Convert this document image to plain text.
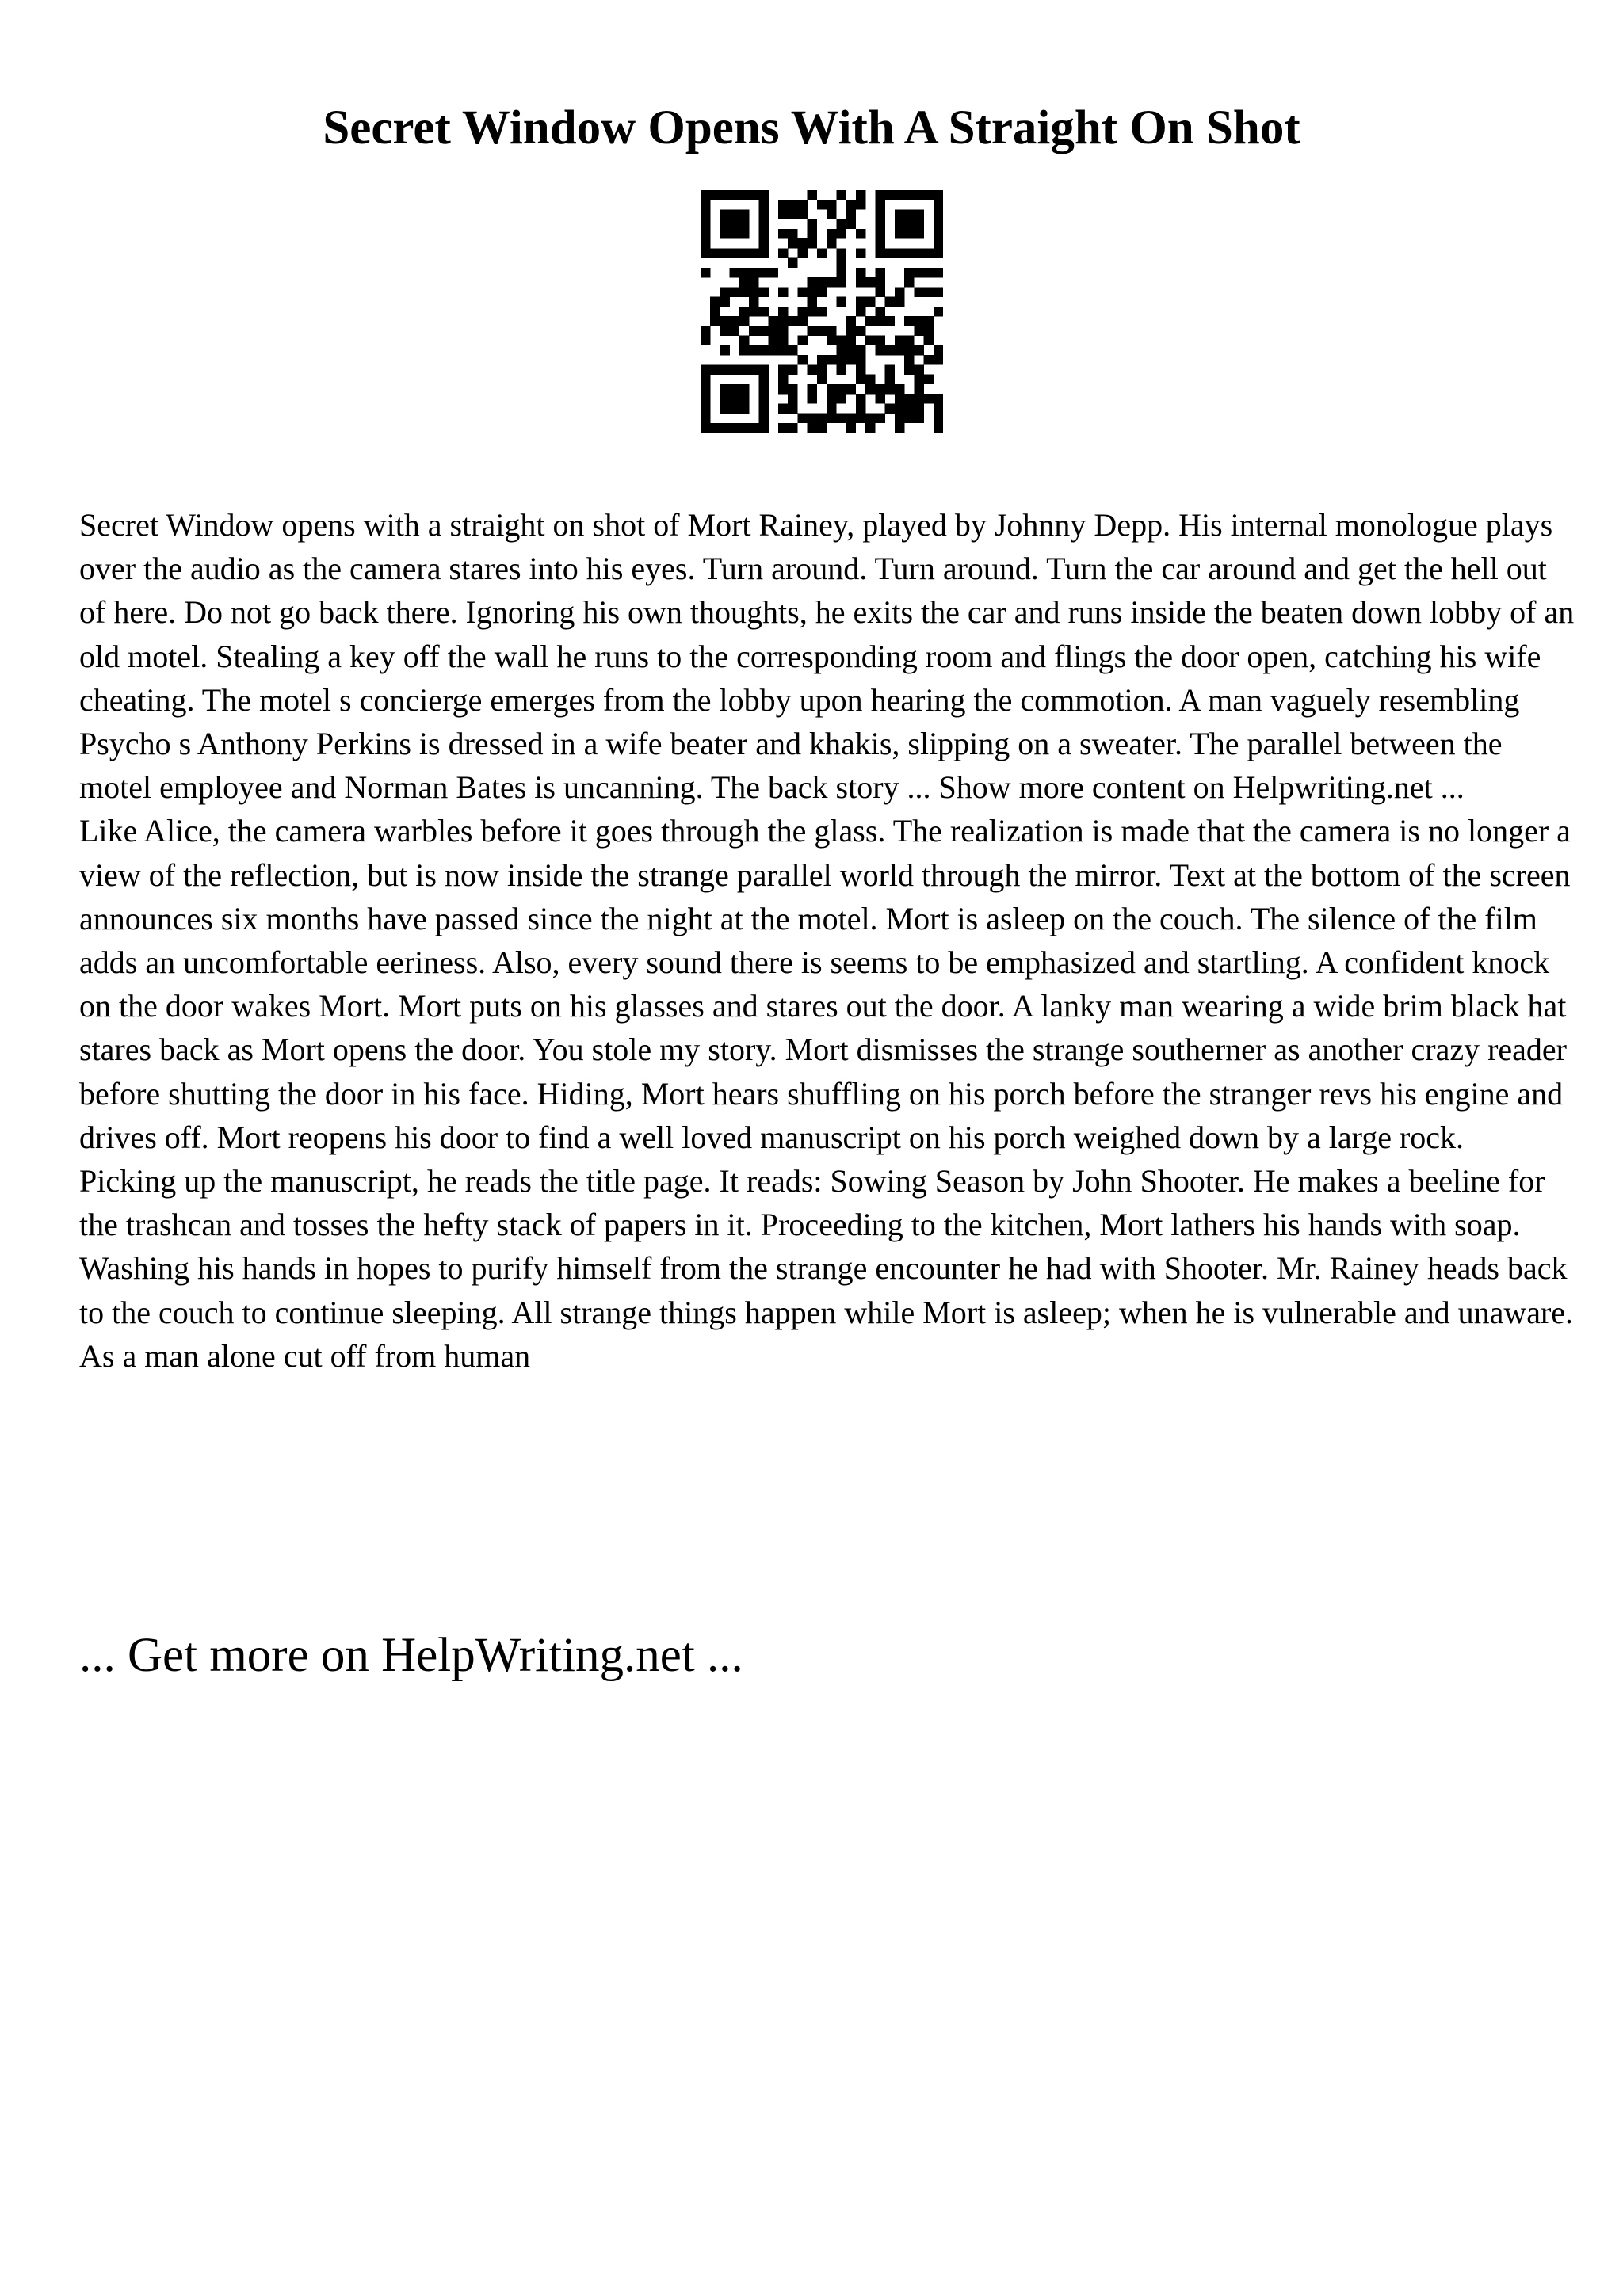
Secret Window Opens With A Straight On Shot

Secret Window opens with a straight on shot of Mort Rainey, played by Johnny Depp. His internal monologue plays over the audio as the camera stares into his eyes. Turn around. Turn around. Turn the car around and get the hell out of here. Do not go back there. Ignoring his own thoughts, he exits the car and runs inside the beaten down lobby of an old motel. Stealing a key off the wall he runs to the corresponding room and flings the door open, catching his wife cheating. The motel s concierge emerges from the lobby upon hearing the commotion. A man vaguely resembling Psycho s Anthony Perkins is dressed in a wife beater and khakis, slipping on a sweater. The parallel between the motel employee and Norman Bates is uncanning. The back story ... Show more content on Helpwriting.net ...

Like Alice, the camera warbles before it goes through the glass. The realization is made that the camera is no longer a view of the reflection, but is now inside the strange parallel world through the mirror. Text at the bottom of the screen announces six months have passed since the night at the motel. Mort is asleep on the couch. The silence of the film adds an uncomfortable eeriness. Also, every sound there is seems to be emphasized and startling. A confident knock on the door wakes Mort. Mort puts on his glasses and stares out the door. A lanky man wearing a wide brim black hat stares back as Mort opens the door. You stole my story. Mort dismisses the strange southerner as another crazy reader before shutting the door in his face. Hiding, Mort hears shuffling on his porch before the stranger revs his engine and drives off. Mort reopens his door to find a well loved manuscript on his porch weighed down by a large rock.

Picking up the manuscript, he reads the title page. It reads: Sowing Season by John Shooter. He makes a beeline for the trashcan and tosses the hefty stack of papers in it. Proceeding to the kitchen, Mort lathers his hands with soap. Washing his hands in hopes to purify himself from the strange encounter he had with Shooter. Mr. Rainey heads back to the couch to continue sleeping. All strange things happen while Mort is asleep; when he is vulnerable and unaware. As a man alone cut off from human

... Get more on HelpWriting.net ...
